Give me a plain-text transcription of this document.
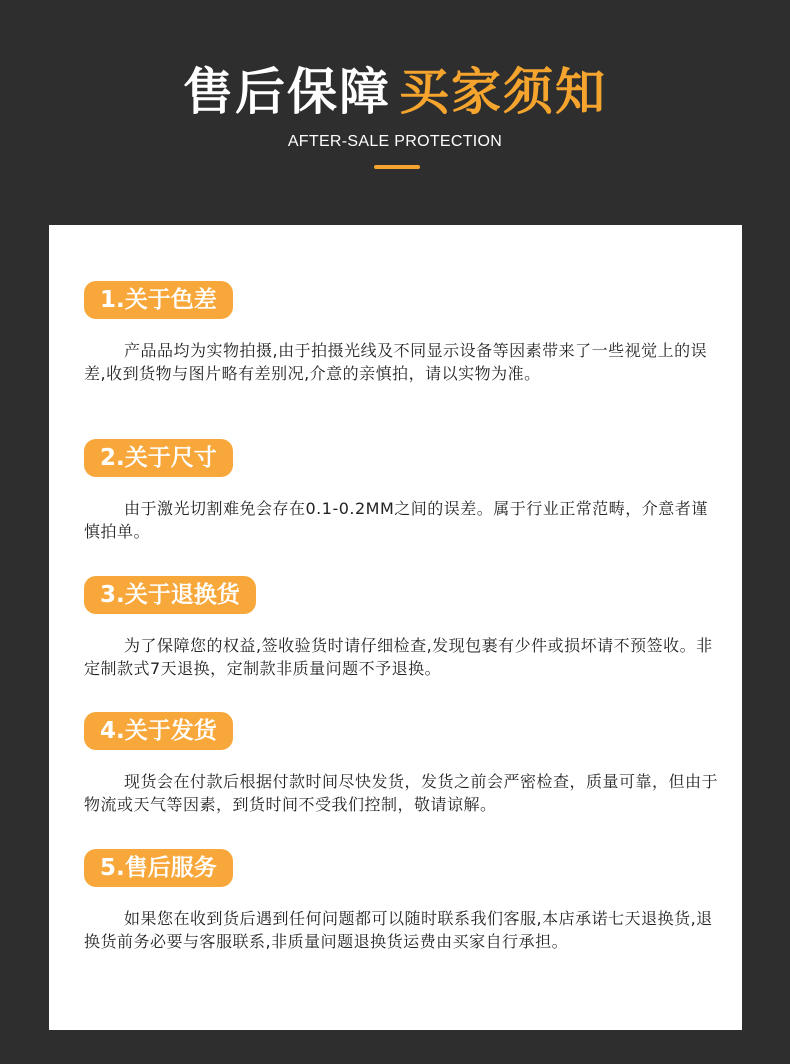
售后保障 买家须知
AFTER-SALE PROTECTION
1.关于色差
产品品均为实物拍摄,由于拍摄光线及不同显示设备等因素带来了一些视觉上的误差,收到货物与图片略有差别况,介意的亲慎拍，请以实物为准。
2.关于尺寸
由于激光切割难免会存在0.1-0.2MM之间的误差。属于行业正常范畴，介意者谨慎拍单。
3.关于退换货
为了保障您的权益,签收验货时请仔细检查,发现包裹有少件或损坏请不预签收。非定制款式7天退换，定制款非质量问题不予退换。
4.关于发货
现货会在付款后根据付款时间尽快发货，发货之前会严密检查，质量可靠，但由于物流或天气等因素，到货时间不受我们控制，敬请谅解。
5.售后服务
如果您在收到货后遇到任何问题都可以随时联系我们客服,本店承诺七天退换货,退换货前务必要与客服联系,非质量问题退换货运费由买家自行承担。
